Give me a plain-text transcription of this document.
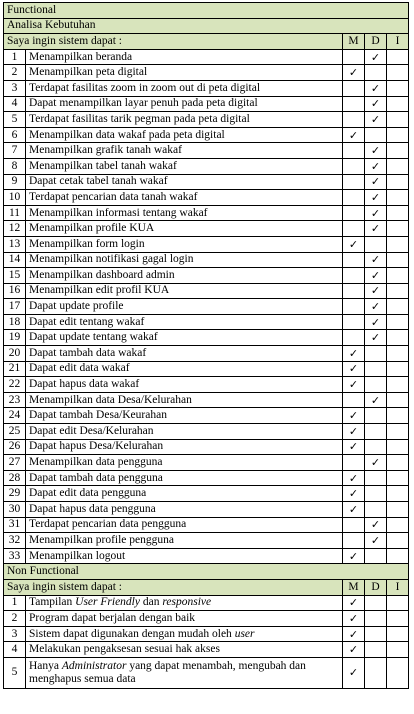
Functional				
Analisa Kebutuhan				
Saya ingin sistem dapat :		M	D	I
1	Menampilkan beranda		✓	
2	Menampilkan peta digital	✓		
3	Terdapat fasilitas zoom in zoom out di peta digital		✓	
4	Dapat menampilkan layar penuh pada peta digital		✓	
5	Terdapat fasilitas tarik pegman pada peta digital		✓	
6	Menampilkan data wakaf pada peta digital	✓		
7	Menampilkan grafik tanah wakaf		✓	
8	Menampilkan tabel tanah wakaf		✓	
9	Dapat cetak tabel tanah wakaf		✓	
10	Terdapat pencarian data tanah wakaf		✓	
11	Menampilkan informasi tentang wakaf		✓	
12	Menampilkan profile KUA		✓	
13	Menampilkan form login	✓		
14	Menampilkan notifikasi gagal login		✓	
15	Menampilkan dashboard admin		✓	
16	Menampilkan edit profil KUA		✓	
17	Dapat update profile		✓	
18	Dapat edit tentang wakaf		✓	
19	Dapat update tentang wakaf		✓	
20	Dapat tambah data wakaf	✓		
21	Dapat edit data wakaf	✓		
22	Dapat hapus data wakaf	✓		
23	Menampilkan data Desa/Kelurahan		✓	
24	Dapat tambah Desa/Keurahan	✓		
25	Dapat edit Desa/Kelurahan	✓		
26	Dapat hapus Desa/Kelurahan	✓		
27	Menampilkan data pengguna		✓	
28	Dapat tambah data pengguna	✓		
29	Dapat edit data pengguna	✓		
30	Dapat hapus data pengguna	✓		
31	Terdapat pencarian data pengguna		✓	
32	Menampilkan profile pengguna		✓	
33	Menampilkan logout	✓		
Non Functional				
Saya ingin sistem dapat :		M	D	I
1	Tampilan User Friendly dan responsive	✓		
2	Program dapat berjalan dengan baik	✓		
3	Sistem dapat digunakan dengan mudah oleh user	✓		
4	Melakukan pengaksesan sesuai hak akses	✓		
5	Hanya Administrator yang dapat menambah, mengubah dan menghapus semua data	✓		
